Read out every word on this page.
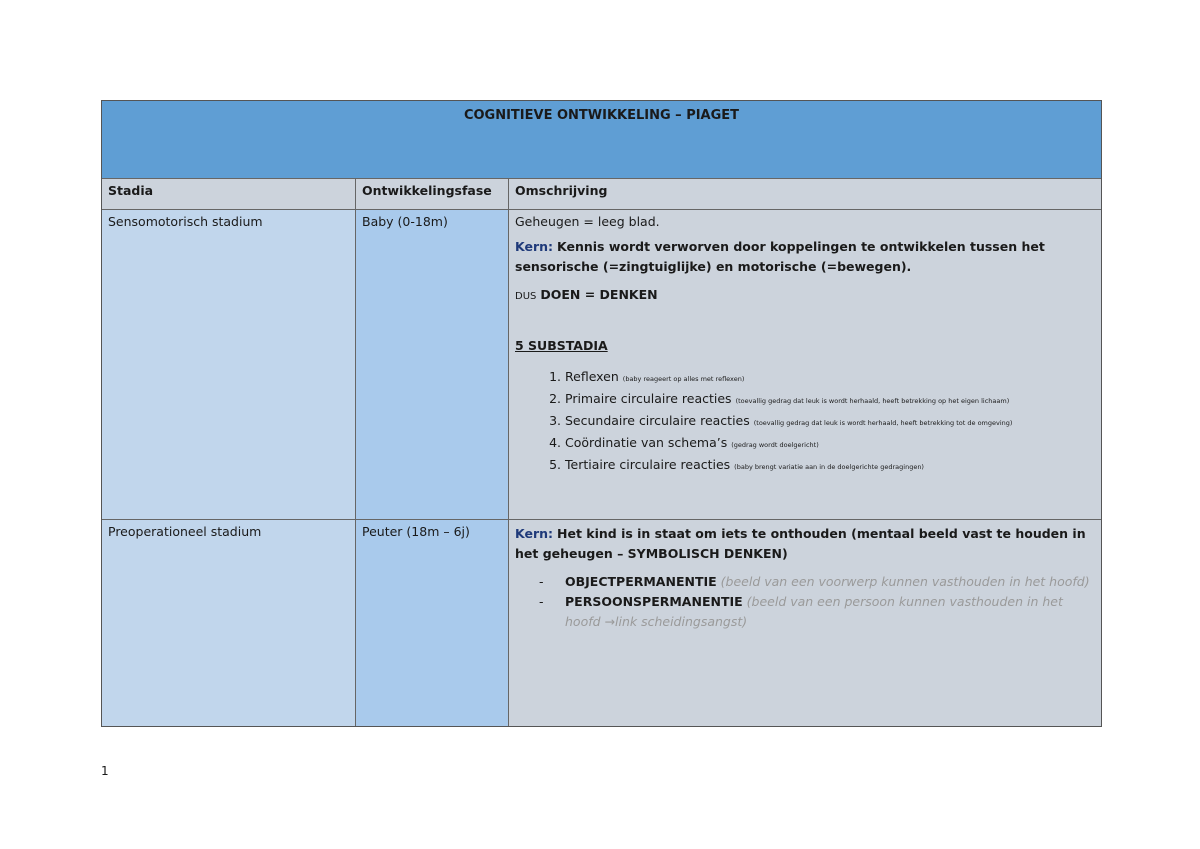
COGNITIEVE ONTWIKKELING – PIAGET
Stadia	Ontwikkelingsfase	Omschrijving
Sensomotorisch stadium	Baby (0-18m)	Geheugen = leeg blad.

Kern: Kennis wordt verworven door koppelingen te ontwikkelen tussen het sensorische (=zingtuiglijke) en motorische (=bewegen).

DUS DOEN = DENKEN

5 SUBSTADIA

1. Reflexen (baby reageert op alles met reflexen)
2. Primaire circulaire reacties (toevallig gedrag dat leuk is wordt herhaald, heeft betrekking op het eigen lichaam)
3. Secundaire circulaire reacties (toevallig gedrag dat leuk is wordt herhaald, heeft betrekking tot de omgeving)
4. Coördinatie van schema’s (gedrag wordt doelgericht)
5. Tertiaire circulaire reacties (baby brengt variatie aan in de doelgerichte gedragingen)
Preoperationeel stadium	Peuter (18m – 6j)	Kern: Het kind is in staat om iets te onthouden (mentaal beeld vast te houden in het geheugen – SYMBOLISCH DENKEN)

- OBJECTPERMANENTIE (beeld van een voorwerp kunnen vasthouden in het hoofd)
- PERSOONSPERMANENTIE (beeld van een persoon kunnen vasthouden in het hoofd →link scheidingsangst)
1
